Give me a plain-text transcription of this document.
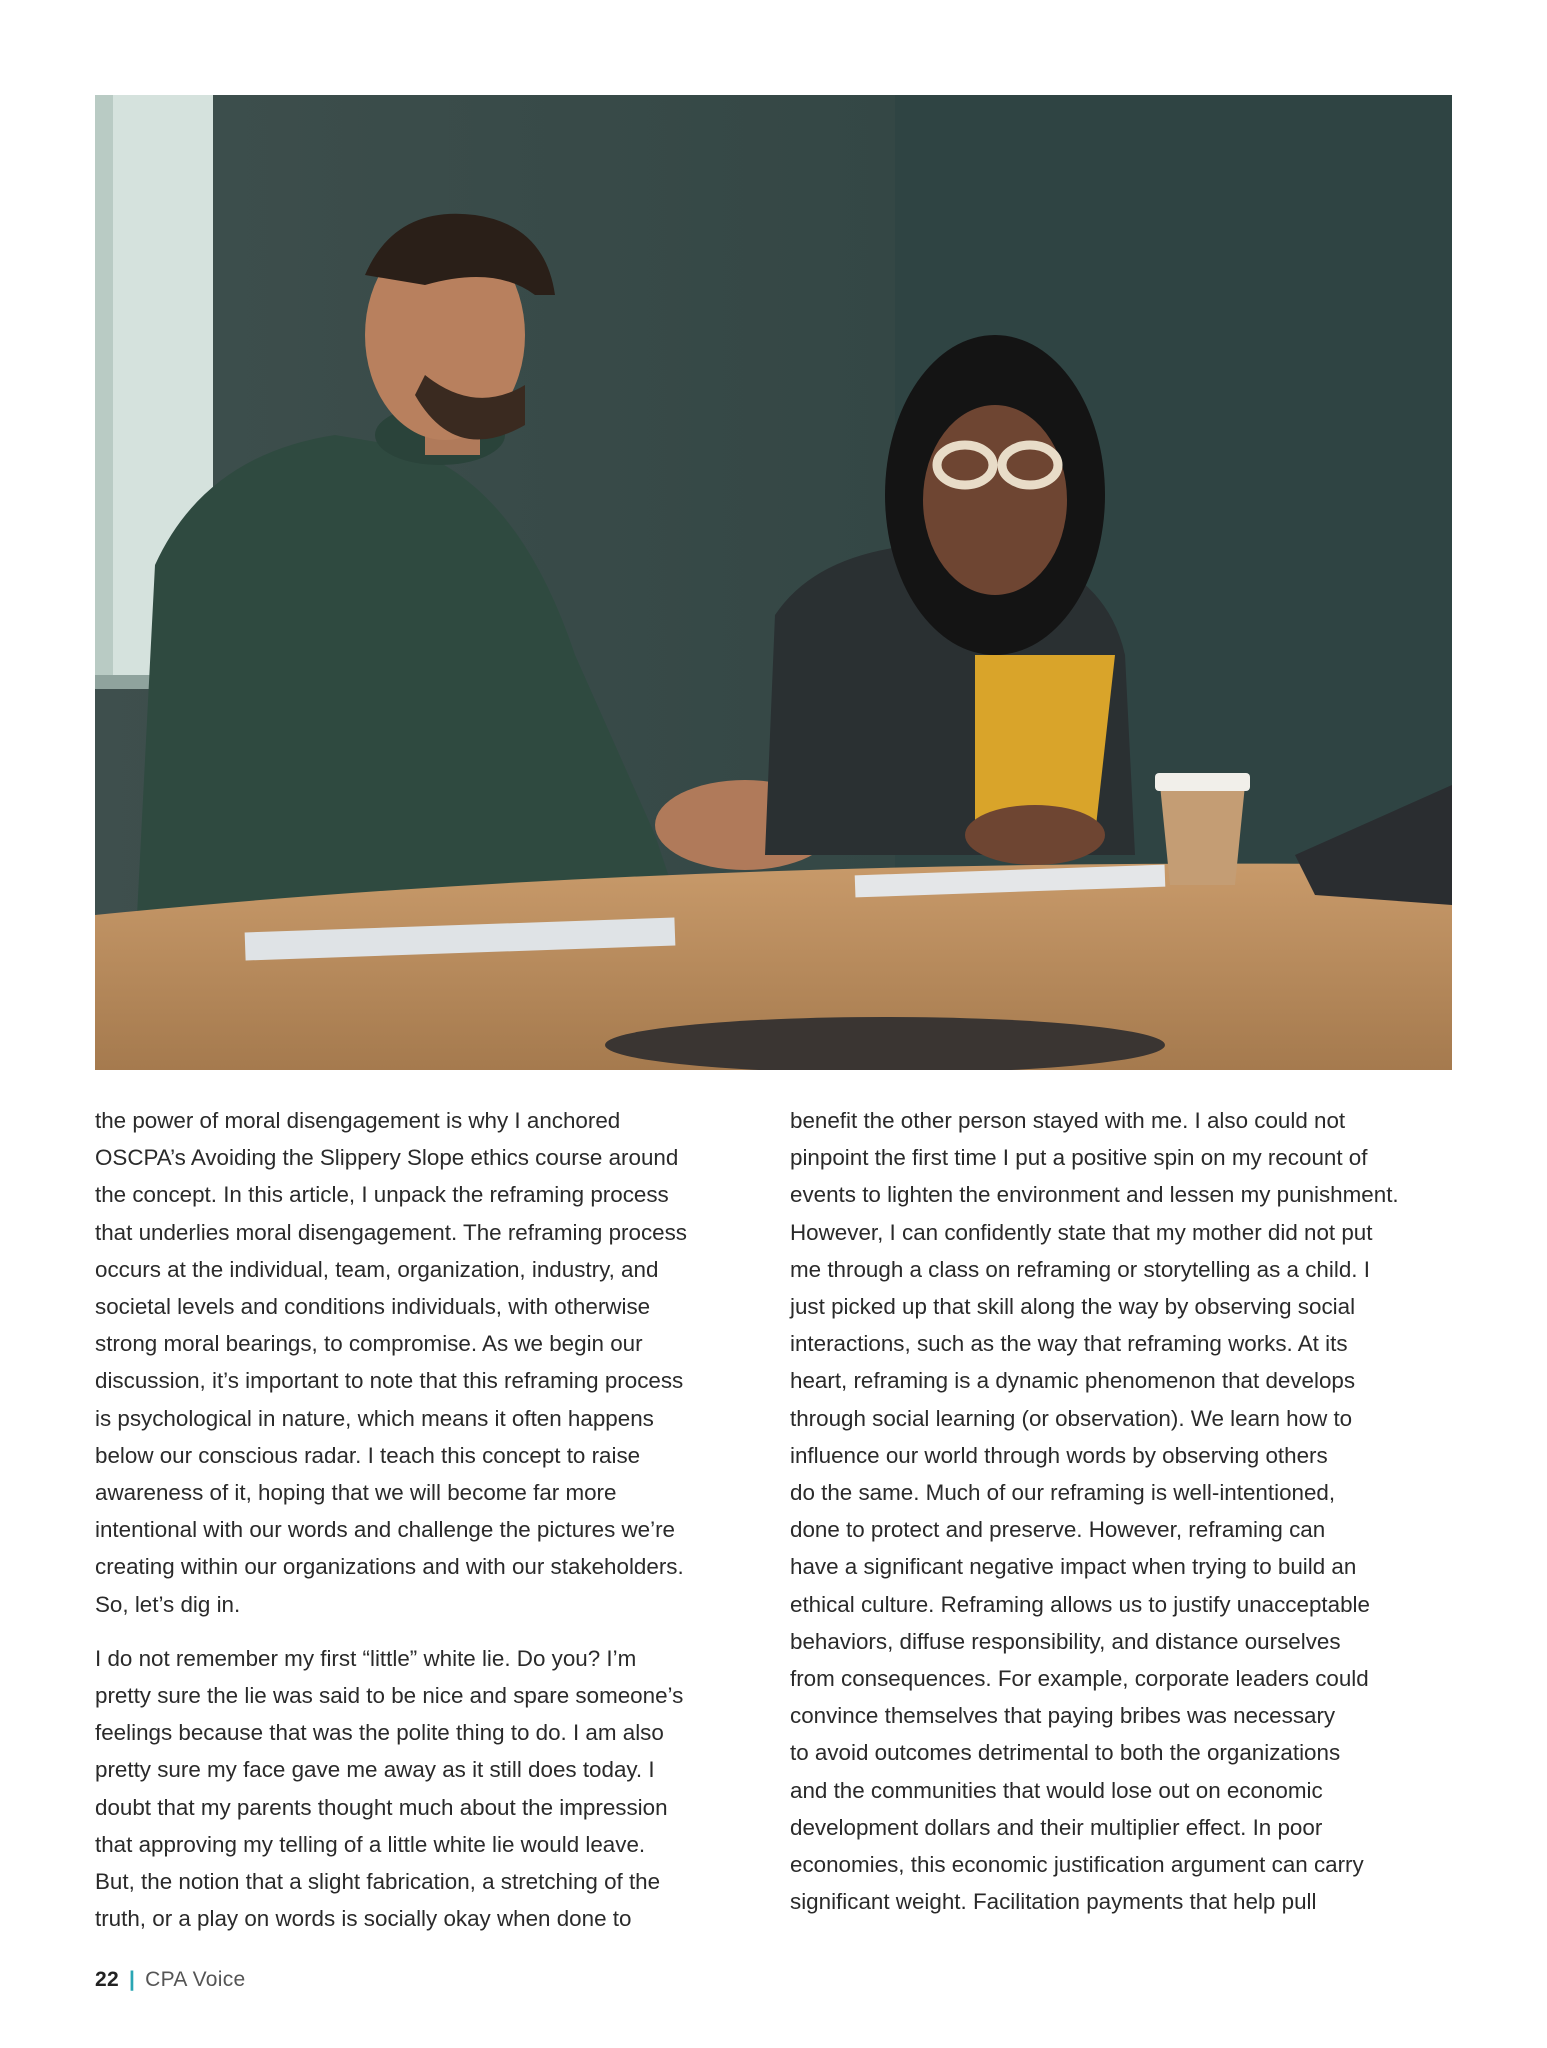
the power of moral disengagement is why I anchored
OSCPA’s Avoiding the Slippery Slope ethics course around
the concept. In this article, I unpack the reframing process
that underlies moral disengagement. The reframing process
occurs at the individual, team, organization, industry, and
societal levels and conditions individuals, with otherwise
strong moral bearings, to compromise. As we begin our
discussion, it’s important to note that this reframing process
is psychological in nature, which means it often happens
below our conscious radar. I teach this concept to raise
awareness of it, hoping that we will become far more
intentional with our words and challenge the pictures we’re
creating within our organizations and with our stakeholders.
So, let’s dig in.

I do not remember my first “little” white lie. Do you? I’m
pretty sure the lie was said to be nice and spare someone’s
feelings because that was the polite thing to do. I am also
pretty sure my face gave me away as it still does today. I
doubt that my parents thought much about the impression
that approving my telling of a little white lie would leave.
But, the notion that a slight fabrication, a stretching of the
truth, or a play on words is socially okay when done to

benefit the other person stayed with me. I also could not
pinpoint the first time I put a positive spin on my recount of
events to lighten the environment and lessen my punishment.
However, I can confidently state that my mother did not put
me through a class on reframing or storytelling as a child. I
just picked up that skill along the way by observing social
interactions, such as the way that reframing works. At its
heart, reframing is a dynamic phenomenon that develops
through social learning (or observation). We learn how to
influence our world through words by observing others
do the same. Much of our reframing is well-intentioned,
done to protect and preserve. However, reframing can
have a significant negative impact when trying to build an
ethical culture. Reframing allows us to justify unacceptable
behaviors, diffuse responsibility, and distance ourselves
from consequences. For example, corporate leaders could
convince themselves that paying bribes was necessary
to avoid outcomes detrimental to both the organizations
and the communities that would lose out on economic
development dollars and their multiplier effect. In poor
economies, this economic justification argument can carry
significant weight. Facilitation payments that help pull

22 | CPA Voice
